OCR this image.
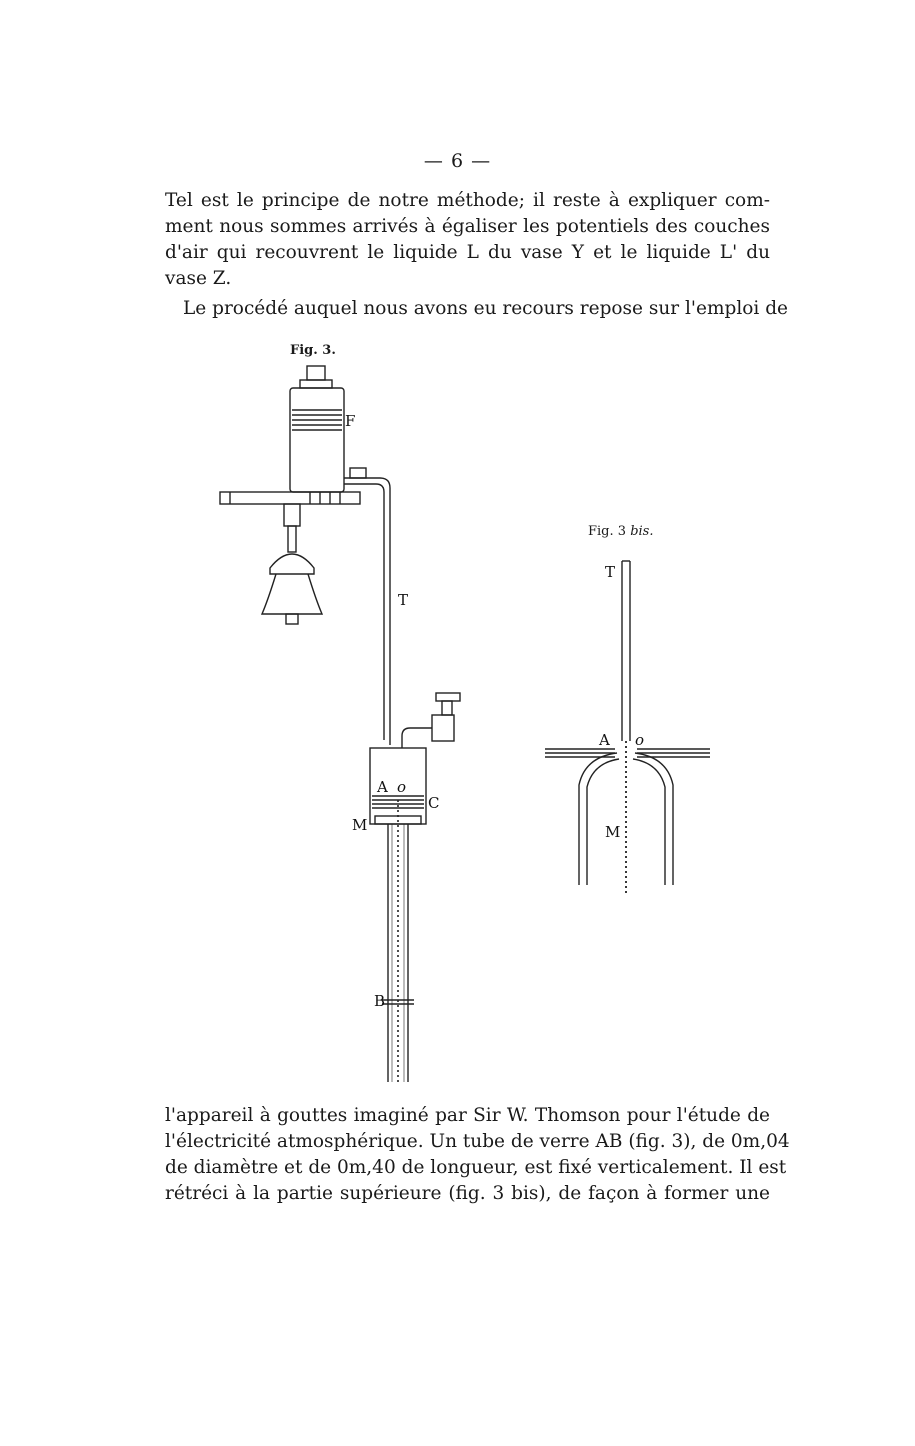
— 6 —

Tel est le principe de notre méthode; il reste à expliquer com-
ment nous sommes arrivés à égaliser les potentiels des couches
d'air qui recouvrent le liquide L du vase Y et le liquide L' du
vase Z.

Le procédé auquel nous avons eu recours repose sur l'emploi de

Fig. 3.
Fig. 3 bis.
F
T
A o
C
M
B
T
A o
M

l'appareil à gouttes imaginé par Sir W. Thomson pour l'étude de
l'électricité atmosphérique. Un tube de verre AB (fig. 3), de 0m,04
de diamètre et de 0m,40 de longueur, est fixé verticalement. Il est
rétréci à la partie supérieure (fig. 3 bis), de façon à former une
